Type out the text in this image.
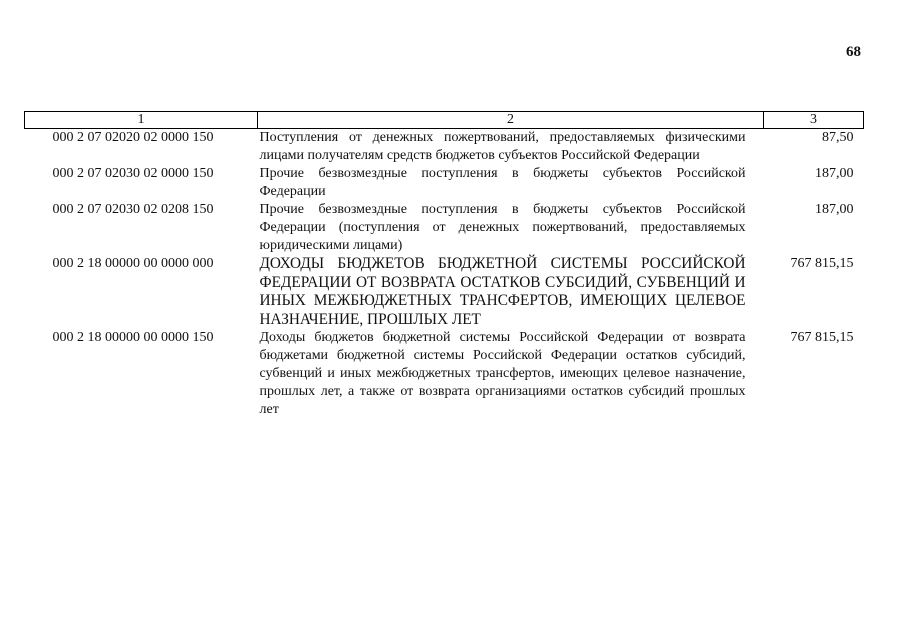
68
1	2	3
000 2 07 02020 02 0000 150	Поступления от денежных пожертвований, предоставляемых физическими лицами получателям средств бюджетов субъектов Российской Федерации	87,50
000 2 07 02030 02 0000 150	Прочие безвозмездные поступления в бюджеты субъектов Российской Федерации	187,00
000 2 07 02030 02 0208 150	Прочие безвозмездные поступления в бюджеты субъектов Российской Федерации (поступления от денежных пожертвований, предоставляемых юридическими лицами)	187,00
000 2 18 00000 00 0000 000	ДОХОДЫ БЮДЖЕТОВ БЮДЖЕТНОЙ СИСТЕМЫ РОССИЙСКОЙ ФЕДЕРАЦИИ ОТ ВОЗВРАТА ОСТАТКОВ СУБСИДИЙ, СУБВЕНЦИЙ И ИНЫХ МЕЖБЮДЖЕТНЫХ ТРАНСФЕРТОВ, ИМЕЮЩИХ ЦЕЛЕВОЕ НАЗНАЧЕНИЕ, ПРОШЛЫХ ЛЕТ	767 815,15
000 2 18 00000 00 0000 150	Доходы бюджетов бюджетной системы Российской Федерации от возврата бюджетами бюджетной системы Российской Федерации остатков субсидий, субвенций и иных межбюджетных трансфертов, имеющих целевое назначение, прошлых лет, а также от возврата организациями остатков субсидий прошлых лет	767 815,15
